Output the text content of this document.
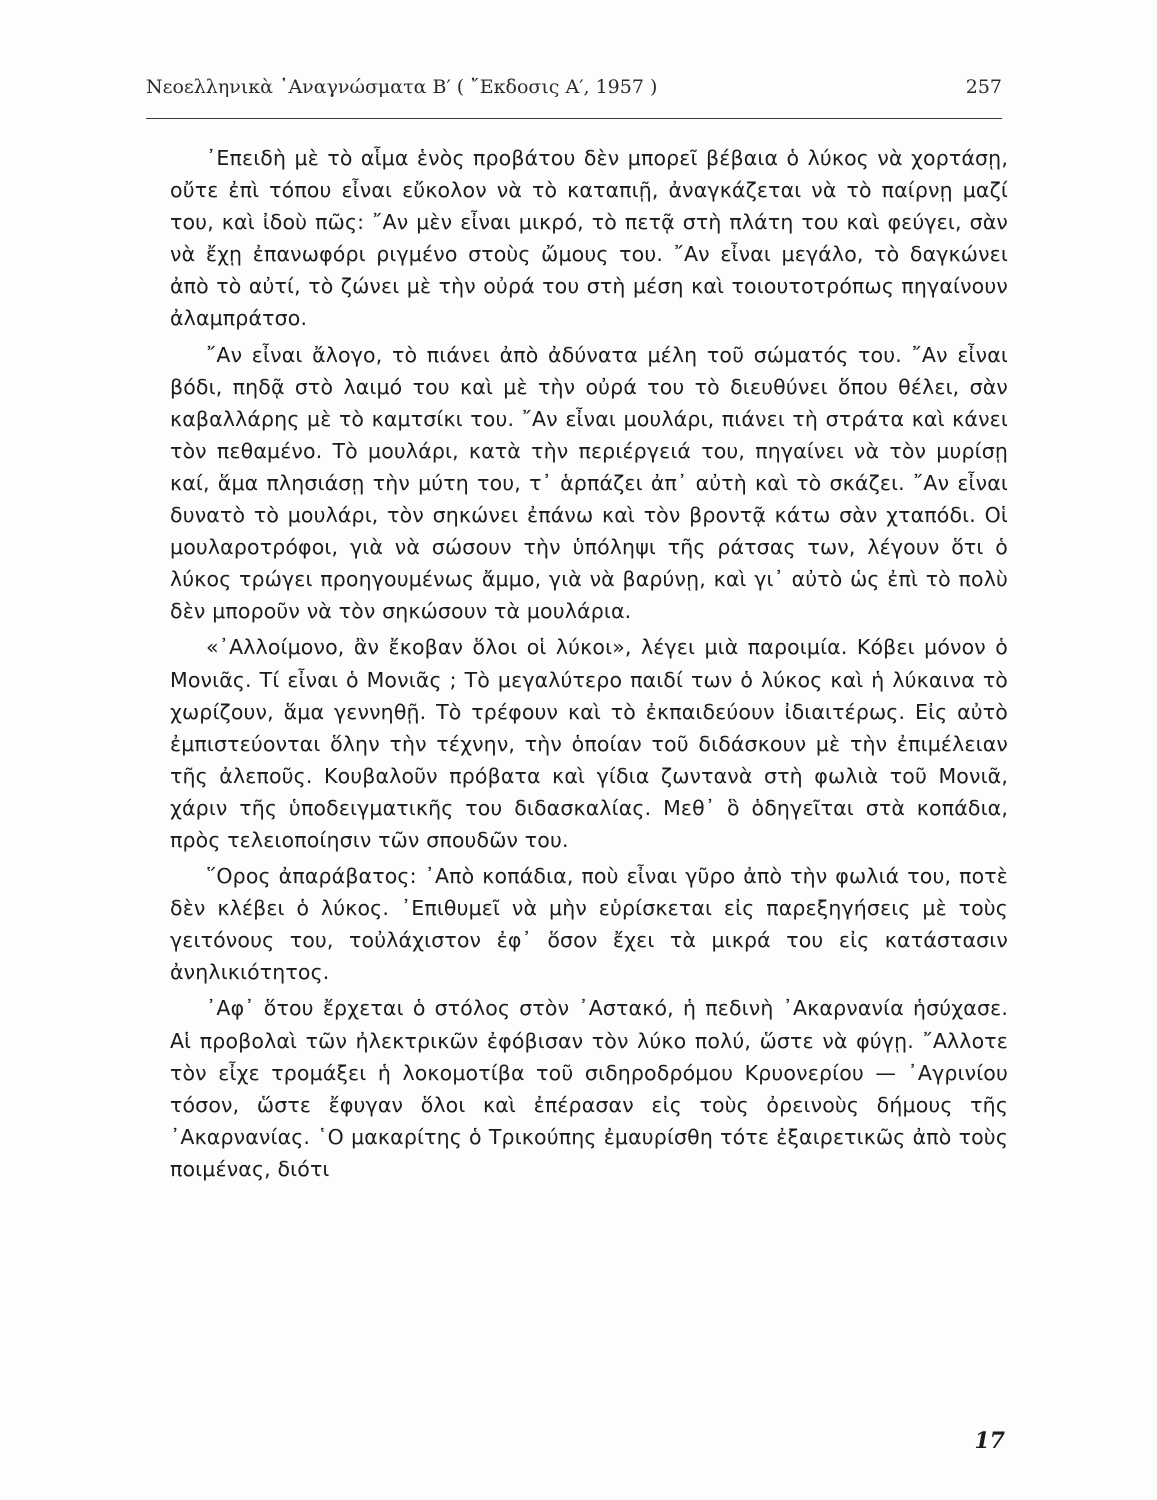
Νεοελληνικὰ ᾿Αναγνώσματα Β′ ( ῎Εκδοσις Α′, 1957 )	257

᾿Επειδὴ μὲ τὸ αἷμα ἑνὸς προβάτου δὲν μπορεῖ βέβαια ὁ λύκος νὰ χορτάσῃ, οὔτε ἐπὶ τόπου εἶναι εὔκολον νὰ τὸ καταπιῇ, ἀναγκάζεται νὰ τὸ παίρνῃ μαζί του, καὶ ἰδοὺ πῶς: ῎Αν μὲν εἶναι μικρό, τὸ πετᾷ στὴ πλάτη του καὶ φεύγει, σὰν νὰ ἔχῃ ἐπανωφόρι ριγμένο στοὺς ὤμους του. ῎Αν εἶναι μεγάλο, τὸ δαγκώνει ἀπὸ τὸ αὐτί, τὸ ζώνει μὲ τὴν οὐρά του στὴ μέση καὶ τοιουτοτρόπως πηγαίνουν ἀλαμπράτσο.

῎Αν εἶναι ἄλογο, τὸ πιάνει ἀπὸ ἀδύνατα μέλη τοῦ σώματός του. ῎Αν εἶναι βόδι, πηδᾷ στὸ λαιμό του καὶ μὲ τὴν οὐρά του τὸ διευθύνει ὅπου θέλει, σὰν καβαλλάρης μὲ τὸ καμτσίκι του. ῎Αν εἶναι μουλάρι, πιάνει τὴ στράτα καὶ κάνει τὸν πεθαμένο. Τὸ μουλάρι, κατὰ τὴν περιέργειά του, πηγαίνει νὰ τὸν μυρίσῃ καί, ἅμα πλησιάσῃ τὴν μύτη του, τ᾿ ἁρπάζει ἀπ᾿ αὐτὴ καὶ τὸ σκάζει. ῎Αν εἶναι δυνατὸ τὸ μουλάρι, τὸν σηκώνει ἐπάνω καὶ τὸν βροντᾷ κάτω σὰν χταπόδι. Οἱ μουλαροτρόφοι, γιὰ νὰ σώσουν τὴν ὑπόληψι τῆς ράτσας των, λέγουν ὅτι ὁ λύκος τρώγει προηγουμένως ἄμμο, γιὰ νὰ βαρύνῃ, καὶ γι᾿ αὐτὸ ὡς ἐπὶ τὸ πολὺ δὲν μποροῦν νὰ τὸν σηκώσουν τὰ μουλάρια.

«᾿Αλλοίμονο, ἂν ἔκοβαν ὅλοι οἱ λύκοι», λέγει μιὰ παροιμία. Κόβει μόνον ὁ Μονιᾶς. Τί εἶναι ὁ Μονιᾶς ; Τὸ μεγαλύτερο παιδί των ὁ λύκος καὶ ἡ λύκαινα τὸ χωρίζουν, ἅμα γεννηθῇ. Τὸ τρέφουν καὶ τὸ ἐκπαιδεύουν ἰδιαιτέρως. Εἰς αὐτὸ ἐμπιστεύονται ὅλην τὴν τέχνην, τὴν ὁποίαν τοῦ διδάσκουν μὲ τὴν ἐπιμέλειαν τῆς ἀλεποῦς. Κουβαλοῦν πρόβατα καὶ γίδια ζωντανὰ στὴ φωλιὰ τοῦ Μονιᾶ, χάριν τῆς ὑποδειγματικῆς του διδασκαλίας. Μεθ᾿ ὃ ὁδηγεῖται στὰ κοπάδια, πρὸς τελειοποίησιν τῶν σπουδῶν του.

῞Ορος ἀπαράβατος: ᾿Απὸ κοπάδια, ποὺ εἶναι γῦρο ἀπὸ τὴν φωλιά του, ποτὲ δὲν κλέβει ὁ λύκος. ᾿Επιθυμεῖ νὰ μὴν εὑρίσκεται εἰς παρεξηγήσεις μὲ τοὺς γειτόνους του, τοὐλάχιστον ἐφ᾿ ὅσον ἔχει τὰ μικρά του εἰς κατάστασιν ἀνηλικιότητος.

᾿Αφ᾿ ὅτου ἔρχεται ὁ στόλος στὸν ᾿Αστακό, ἡ πεδινὴ ᾿Ακαρνανία ἡσύχασε. Αἱ προβολαὶ τῶν ἠλεκτρικῶν ἐφόβισαν τὸν λύκο πολύ, ὥστε νὰ φύγῃ. ῎Αλλοτε τὸν εἶχε τρομάξει ἡ λοκομοτίβα τοῦ σιδηροδρόμου Κρυονερίου — ᾿Αγρινίου τόσον, ὥστε ἔφυγαν ὅλοι καὶ ἐπέρασαν εἰς τοὺς ὀρεινοὺς δήμους τῆς ᾿Ακαρνανίας. ῾Ο μακαρίτης ὁ Τρικούπης ἐμαυρίσθη τότε ἐξαιρετικῶς ἀπὸ τοὺς ποιμένας, διότι

17
